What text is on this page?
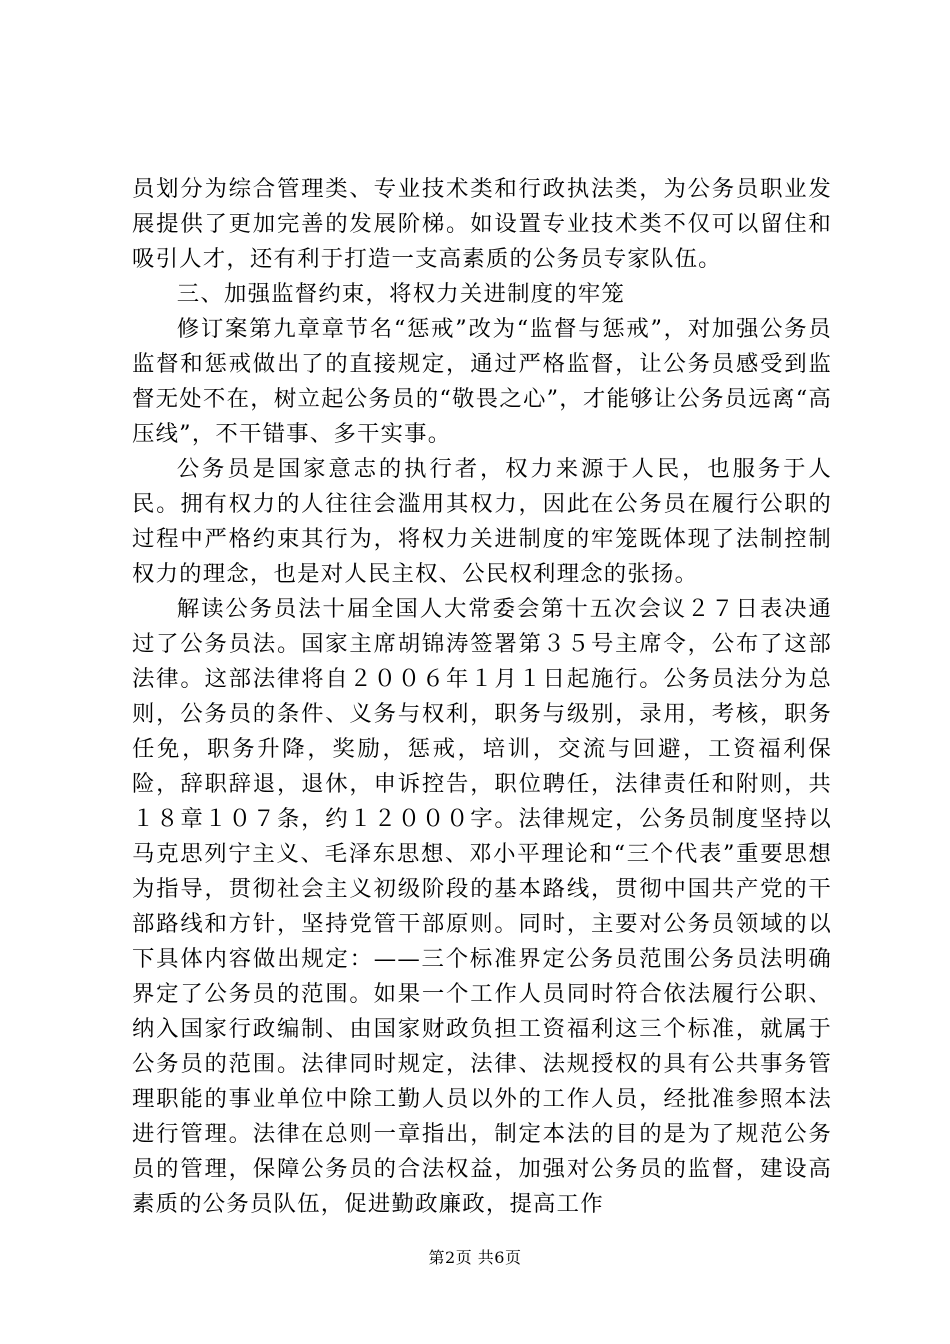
员划分为综合管理类、专业技术类和行政执法类，为公务员职业发展提供了更加完善的发展阶梯。如设置专业技术类不仅可以留住和吸引人才，还有利于打造一支高素质的公务员专家队伍。

三、加强监督约束，将权力关进制度的牢笼

修订案第九章章节名“惩戒”改为“监督与惩戒”，对加强公务员监督和惩戒做出了的直接规定，通过严格监督，让公务员感受到监督无处不在，树立起公务员的“敬畏之心”，才能够让公务员远离“高压线”，不干错事、多干实事。

公务员是国家意志的执行者，权力来源于人民，也服务于人民。拥有权力的人往往会滥用其权力，因此在公务员在履行公职的过程中严格约束其行为，将权力关进制度的牢笼既体现了法制控制权力的理念，也是对人民主权、公民权利理念的张扬。

解读公务员法十届全国人大常委会第十五次会议２７日表决通过了公务员法。国家主席胡锦涛签署第３５号主席令，公布了这部法律。这部法律将自２００６年１月１日起施行。公务员法分为总则，公务员的条件、义务与权利，职务与级别，录用，考核，职务任免，职务升降，奖励，惩戒，培训，交流与回避，工资福利保险，辞职辞退，退休，申诉控告，职位聘任，法律责任和附则，共１８章１０７条，约１２０００字。法律规定，公务员制度坚持以马克思列宁主义、毛泽东思想、邓小平理论和“三个代表”重要思想为指导，贯彻社会主义初级阶段的基本路线，贯彻中国共产党的干部路线和方针，坚持党管干部原则。同时，主要对公务员领域的以下具体内容做出规定：——三个标准界定公务员范围公务员法明确界定了公务员的范围。如果一个工作人员同时符合依法履行公职、纳入国家行政编制、由国家财政负担工资福利这三个标准，就属于公务员的范围。法律同时规定，法律、法规授权的具有公共事务管理职能的事业单位中除工勤人员以外的工作人员，经批准参照本法进行管理。法律在总则一章指出，制定本法的目的是为了规范公务员的管理，保障公务员的合法权益，加强对公务员的监督，建设高素质的公务员队伍，促进勤政廉政，提高工作

第2页 共6页
